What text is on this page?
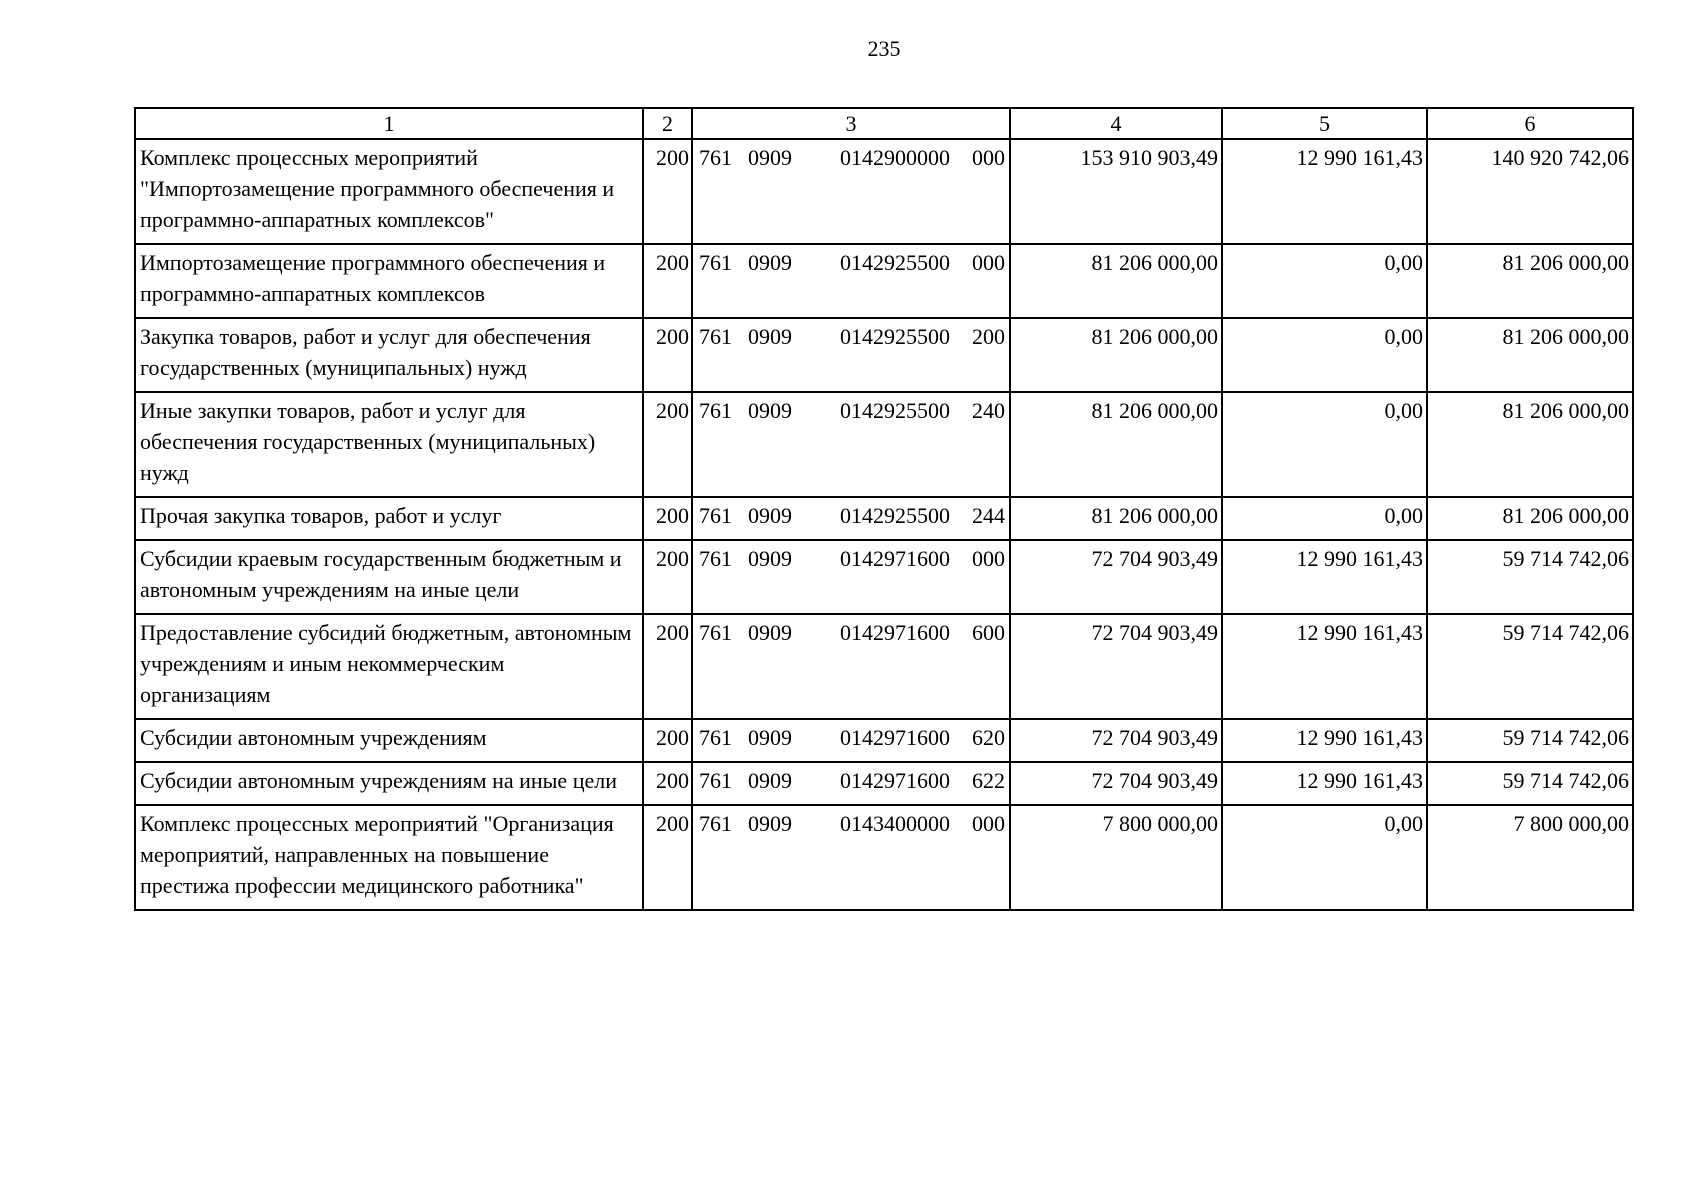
235
1	2	3	4	5	6
Комплекс процессных мероприятий "Импортозамещение программного обеспечения и программно-аппаратных комплексов"	200	761 0909 0142900000 000	153 910 903,49	12 990 161,43	140 920 742,06
Импортозамещение программного обеспечения и программно-аппаратных комплексов	200	761 0909 0142925500 000	81 206 000,00	0,00	81 206 000,00
Закупка товаров, работ и услуг для обеспечения государственных (муниципальных) нужд	200	761 0909 0142925500 200	81 206 000,00	0,00	81 206 000,00
Иные закупки товаров, работ и услуг для обеспечения государственных (муниципальных) нужд	200	761 0909 0142925500 240	81 206 000,00	0,00	81 206 000,00
Прочая закупка товаров, работ и услуг	200	761 0909 0142925500 244	81 206 000,00	0,00	81 206 000,00
Субсидии краевым государственным бюджетным и автономным учреждениям на иные цели	200	761 0909 0142971600 000	72 704 903,49	12 990 161,43	59 714 742,06
Предоставление субсидий бюджетным, автономным учреждениям и иным некоммерческим организациям	200	761 0909 0142971600 600	72 704 903,49	12 990 161,43	59 714 742,06
Субсидии автономным учреждениям	200	761 0909 0142971600 620	72 704 903,49	12 990 161,43	59 714 742,06
Субсидии автономным учреждениям на иные цели	200	761 0909 0142971600 622	72 704 903,49	12 990 161,43	59 714 742,06
Комплекс процессных мероприятий "Организация мероприятий, направленных на повышение престижа профессии медицинского работника"	200	761 0909 0143400000 000	7 800 000,00	0,00	7 800 000,00
